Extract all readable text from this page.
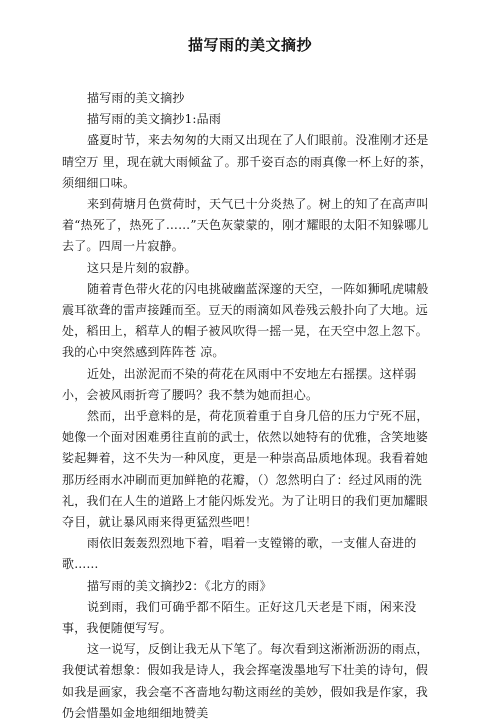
描写雨的美文摘抄

描写雨的美文摘抄

描写雨的美文摘抄1:品雨

盛夏时节，来去匆匆的大雨又出现在了人们眼前。没准刚才还是晴空万 里，现在就大雨倾盆了。那千姿百态的雨真像一杯上好的茶，须细细口味。

来到荷塘月色赏荷时，天气已十分炎热了。树上的知了在高声叫着“热死了，热死了……”天色灰蒙蒙的，刚才耀眼的太阳不知躲哪儿去了。四周一片寂静。

这只是片刻的寂静。

随着青色带火花的闪电挑破幽蓝深邃的天空，一阵如狮吼虎啸般震耳欲聋的雷声接踵而至。豆天的雨滴如风卷残云般扑向了大地。远处，稻田上，稻草人的帽子被风吹得一摇一晃，在天空中忽上忽下。我的心中突然感到阵阵苍 凉。

近处，出淤泥而不染的荷花在风雨中不安地左右摇摆。这样弱小，会被风雨折弯了腰吗？我不禁为她而担心。

然而，出乎意料的是，荷花顶着重于自身几倍的压力宁死不屈，她像一个面对困难勇往直前的武士，依然以她特有的优雅，含笑地婆娑起舞着，这不失为一种风度，更是一种崇高品质地体现。我看着她那历经雨水冲刷而更加鲜艳的花瓣，（）忽然明白了：经过风雨的洗礼，我们在人生的道路上才能闪烁发光。为了让明日的我们更加耀眼夺目，就让暴风雨来得更猛烈些吧！

雨依旧轰轰烈烈地下着，唱着一支镗锵的歌，一支催人奋进的歌……

描写雨的美文摘抄2：《北方的雨》

说到雨，我们可确乎都不陌生。正好这几天老是下雨，闲来没事，我便随便写写。

这一说写，反倒让我无从下笔了。每次看到这淅淅沥沥的雨点，我便试着想象：假如我是诗人，我会挥毫泼墨地写下壮美的诗句，假如我是画家，我会毫不吝啬地勾勒这雨丝的美妙，假如我是作家，我仍会惜墨如金地细细地赞美
